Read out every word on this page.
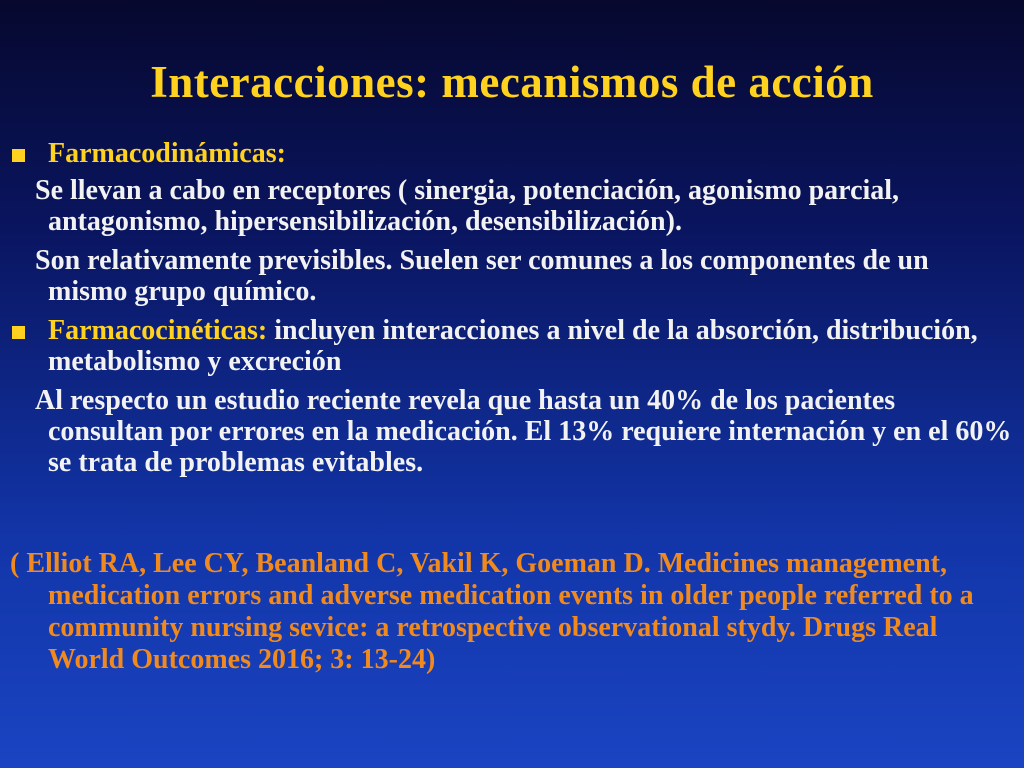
Interacciones: mecanismos de acción
Farmacodinámicas:
Se llevan a cabo en receptores ( sinergia, potenciación, agonismo parcial, antagonismo, hipersensibilización, desensibilización).
Son relativamente previsibles. Suelen ser comunes a los componentes de un mismo grupo químico.
Farmacocinéticas: incluyen interacciones a nivel de la absorción, distribución, metabolismo y excreción
Al respecto un estudio reciente revela que hasta un 40% de los pacientes consultan por errores en la medicación. El 13% requiere internación y en el 60% se trata de problemas evitables.
( Elliot RA, Lee CY, Beanland C, Vakil K, Goeman D. Medicines management, medication errors and adverse medication events in older people referred to a community nursing sevice: a retrospective observational stydy. Drugs Real World Outcomes 2016; 3: 13-24)
